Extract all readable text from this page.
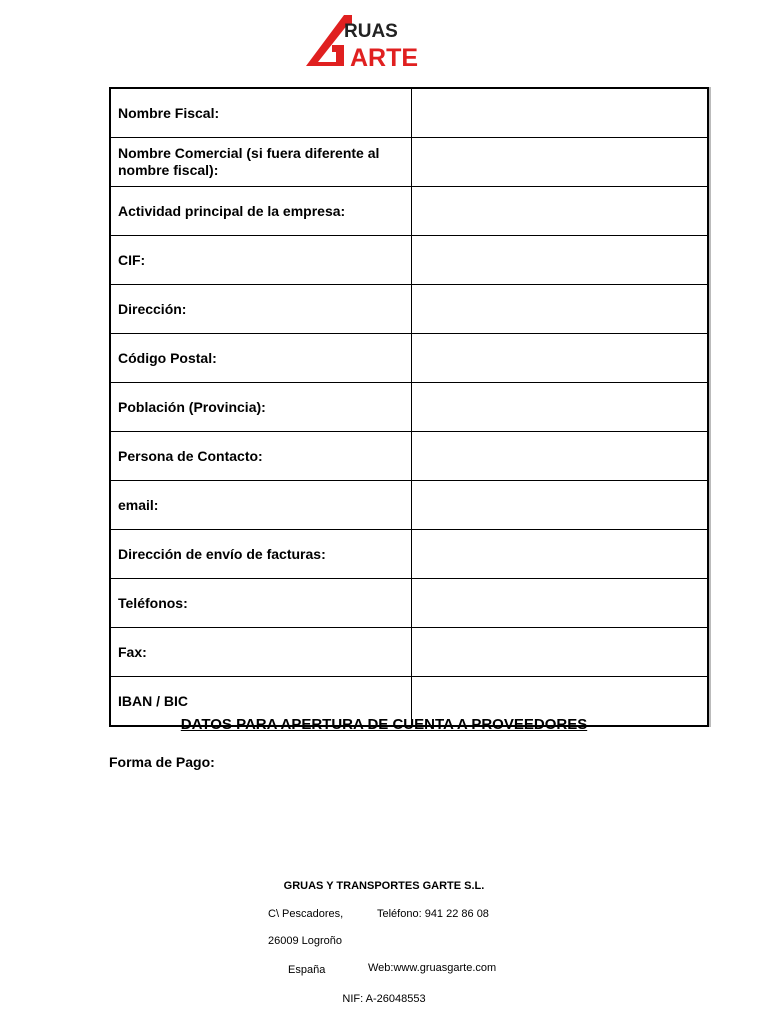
RUAS
ARTE
Nombre Fiscal:	
Nombre Comercial (si fuera diferente al nombre fiscal):	
Actividad principal de la empresa:	
CIF:	
Dirección:	
Código Postal:	
Población (Provincia):	
Persona de Contacto:	
email:	
Dirección de envío de facturas:	
Teléfonos:	
Fax:	
IBAN / BIC	
DATOS PARA APERTURA DE CUENTA A PROVEEDORES
Forma de Pago:
GRUAS Y TRANSPORTES GARTE S.L.
C\ Pescadores,	Teléfono: 941 22 86 08
26009 Logroño
España	Web:www.gruasgarte.com
NIF: A-26048553
